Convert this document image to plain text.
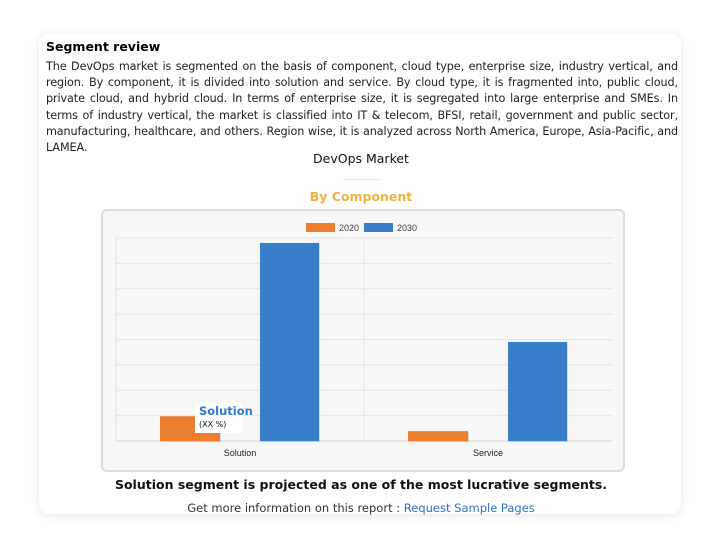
Segment review
The DevOps market is segmented on the basis of component, cloud type, enterprise size, industry vertical, and region. By component, it is divided into solution and service. By cloud type, it is fragmented into, public cloud, private cloud, and hybrid cloud. In terms of enterprise size, it is segregated into large enterprise and SMEs. In terms of industry vertical, the market is classified into IT & telecom, BFSI, retail, government and public sector, manufacturing, healthcare, and others. Region wise, it is analyzed across North America, Europe, Asia-Pacific, and LAMEA.
DevOps Market
By Component
Solution	Service
2020	2030
Solution
(XX %)
Solution segment is projected as one of the most lucrative segments.
Get more information on this report : Request Sample Pages
